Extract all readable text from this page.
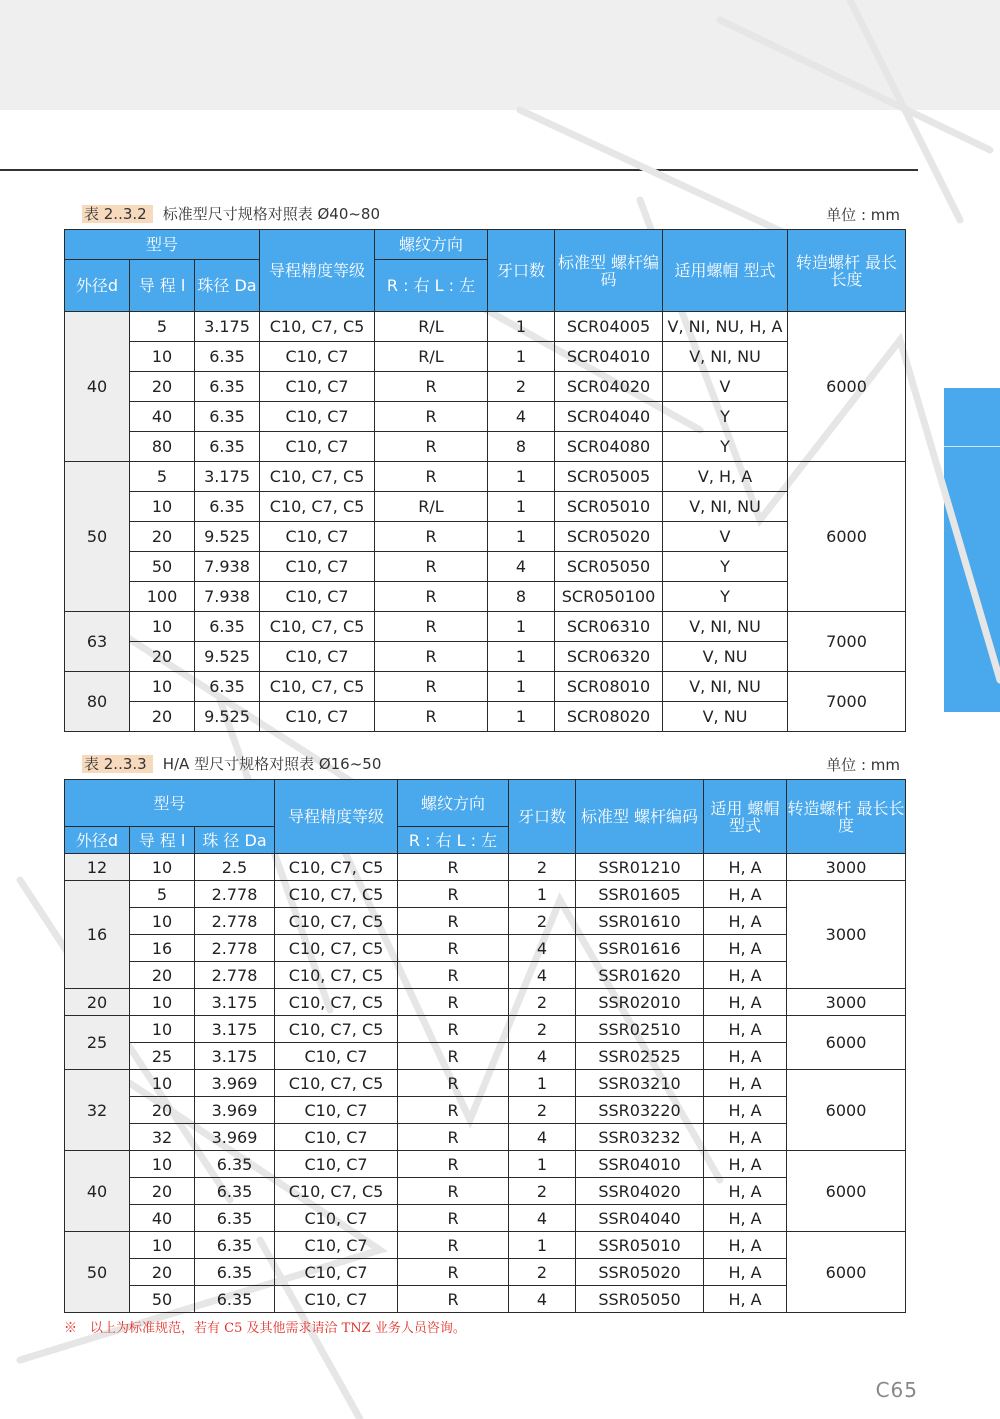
表 2..3.2 标准型尺寸规格对照表 Ø40~80	单位 : mm
型号			导程精度等级	螺纹方向	牙口数	标准型 螺杆编码	适用螺帽 型式	转造螺杆 最长长度
外径d	导 程 l	珠径 Da		R : 右 L : 左				
40	5	3.175	C10, C7, C5	R/L	1	SCR04005	V, NI, NU, H, A	6000
	10	6.35	C10, C7	R/L	1	SCR04010	V, NI, NU	
	20	6.35	C10, C7	R	2	SCR04020	V	
	40	6.35	C10, C7	R	4	SCR04040	Y	
	80	6.35	C10, C7	R	8	SCR04080	Y	
50	5	3.175	C10, C7, C5	R	1	SCR05005	V, H, A	6000
	10	6.35	C10, C7, C5	R/L	1	SCR05010	V, NI, NU	
	20	9.525	C10, C7	R	1	SCR05020	V	
	50	7.938	C10, C7	R	4	SCR05050	Y	
	100	7.938	C10, C7	R	8	SCR050100	Y	
63	10	6.35	C10, C7, C5	R	1	SCR06310	V, NI, NU	7000
	20	9.525	C10, C7	R	1	SCR06320	V, NU	
80	10	6.35	C10, C7, C5	R	1	SCR08010	V, NI, NU	7000
	20	9.525	C10, C7	R	1	SCR08020	V, NU	
表 2..3.3 H/A 型尺寸规格对照表 Ø16~50	单位 : mm
型号			导程精度等级	螺纹方向	牙口数	标准型 螺杆编码	适用 螺帽型式	转造螺杆 最长长度
外径d	导 程 l	珠 径 Da		R : 右 L : 左				
12	10	2.5	C10, C7, C5	R	2	SSR01210	H, A	3000
16	5	2.778	C10, C7, C5	R	1	SSR01605	H, A	3000
	10	2.778	C10, C7, C5	R	2	SSR01610	H, A	
	16	2.778	C10, C7, C5	R	4	SSR01616	H, A	
	20	2.778	C10, C7, C5	R	4	SSR01620	H, A	
20	10	3.175	C10, C7, C5	R	2	SSR02010	H, A	3000
25	10	3.175	C10, C7, C5	R	2	SSR02510	H, A	6000
	25	3.175	C10, C7	R	4	SSR02525	H, A	
32	10	3.969	C10, C7, C5	R	1	SSR03210	H, A	6000
	20	3.969	C10, C7	R	2	SSR03220	H, A	
	32	3.969	C10, C7	R	4	SSR03232	H, A	
40	10	6.35	C10, C7	R	1	SSR04010	H, A	6000
	20	6.35	C10, C7, C5	R	2	SSR04020	H, A	
	40	6.35	C10, C7	R	4	SSR04040	H, A	
50	10	6.35	C10, C7	R	1	SSR05010	H, A	6000
	20	6.35	C10, C7	R	2	SSR05020	H, A	
	50	6.35	C10, C7	R	4	SSR05050	H, A	
※　以上为标准规范，若有 C5 及其他需求请洽 TNZ 业务人员咨询。
C65
